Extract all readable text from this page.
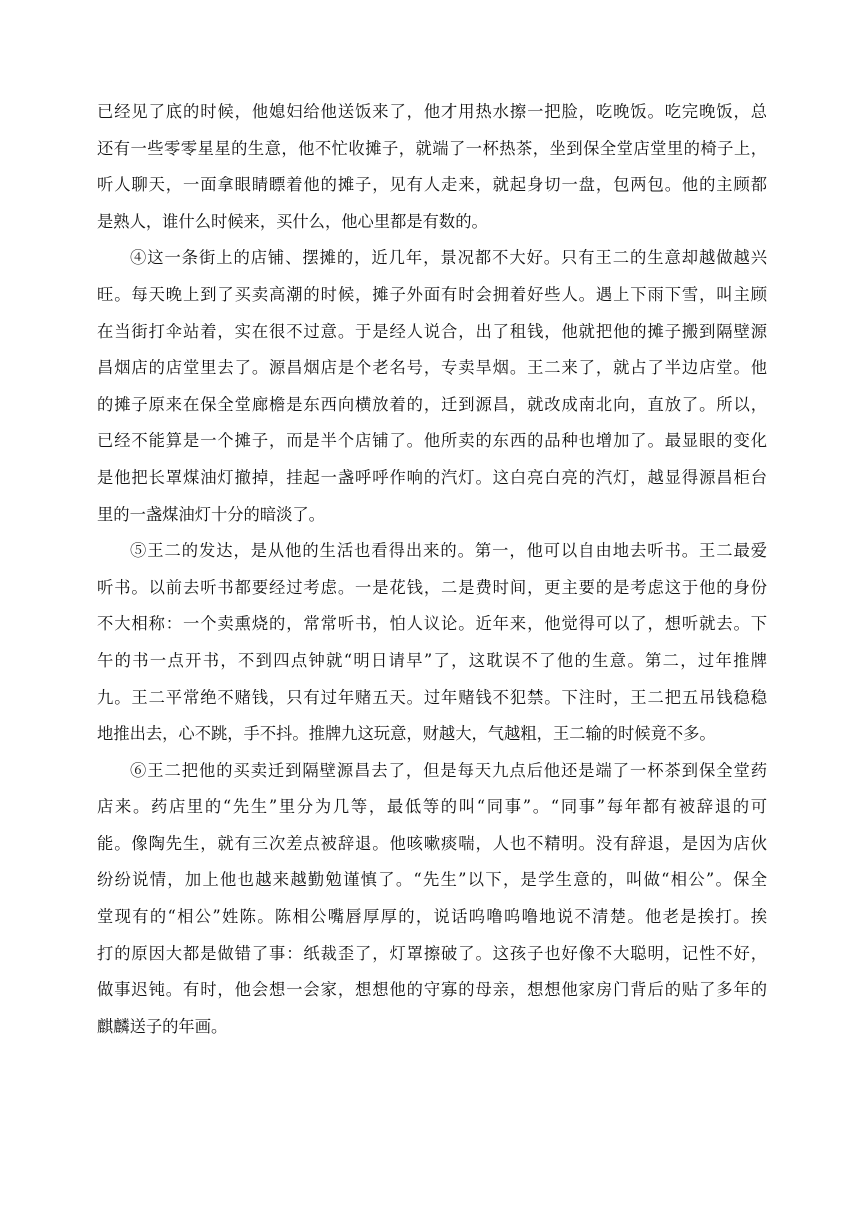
已经见了底的时候，他媳妇给他送饭来了，他才用热水擦一把脸，吃晚饭。吃完晚饭，总
还有一些零零星星的生意，他不忙收摊子，就端了一杯热茶，坐到保全堂店堂里的椅子上，
听人聊天，一面拿眼睛瞟着他的摊子，见有人走来，就起身切一盘，包两包。他的主顾都
是熟人，谁什么时候来，买什么，他心里都是有数的。
④这一条街上的店铺、摆摊的，近几年，景况都不大好。只有王二的生意却越做越兴
旺。每天晚上到了买卖高潮的时候，摊子外面有时会拥着好些人。遇上下雨下雪，叫主顾
在当街打伞站着，实在很不过意。于是经人说合，出了租钱，他就把他的摊子搬到隔壁源
昌烟店的店堂里去了。源昌烟店是个老名号，专卖旱烟。王二来了，就占了半边店堂。他
的摊子原来在保全堂廊檐是东西向横放着的，迁到源昌，就改成南北向，直放了。所以，
已经不能算是一个摊子，而是半个店铺了。他所卖的东西的品种也增加了。最显眼的变化
是他把长罩煤油灯撤掉，挂起一盏呼呼作响的汽灯。这白亮白亮的汽灯，越显得源昌柜台
里的一盏煤油灯十分的暗淡了。
⑤王二的发达，是从他的生活也看得出来的。第一，他可以自由地去听书。王二最爱
听书。以前去听书都要经过考虑。一是花钱，二是费时间，更主要的是考虑这于他的身份
不大相称：一个卖熏烧的，常常听书，怕人议论。近年来，他觉得可以了，想听就去。下
午的书一点开书，不到四点钟就“明日请早”了，这耽误不了他的生意。第二，过年推牌
九。王二平常绝不赌钱，只有过年赌五天。过年赌钱不犯禁。下注时，王二把五吊钱稳稳
地推出去，心不跳，手不抖。推牌九这玩意，财越大，气越粗，王二输的时候竟不多。
⑥王二把他的买卖迁到隔壁源昌去了，但是每天九点后他还是端了一杯茶到保全堂药
店来。药店里的“先生”里分为几等，最低等的叫“同事”。“同事”每年都有被辞退的可
能。像陶先生，就有三次差点被辞退。他咳嗽痰喘，人也不精明。没有辞退，是因为店伙
纷纷说情，加上他也越来越勤勉谨慎了。“先生”以下，是学生意的，叫做“相公”。保全
堂现有的“相公”姓陈。陈相公嘴唇厚厚的，说话呜噜呜噜地说不清楚。他老是挨打。挨
打的原因大都是做错了事：纸裁歪了，灯罩擦破了。这孩子也好像不大聪明，记性不好，
做事迟钝。有时，他会想一会家，想想他的守寡的母亲，想想他家房门背后的贴了多年的
麒麟送子的年画。
